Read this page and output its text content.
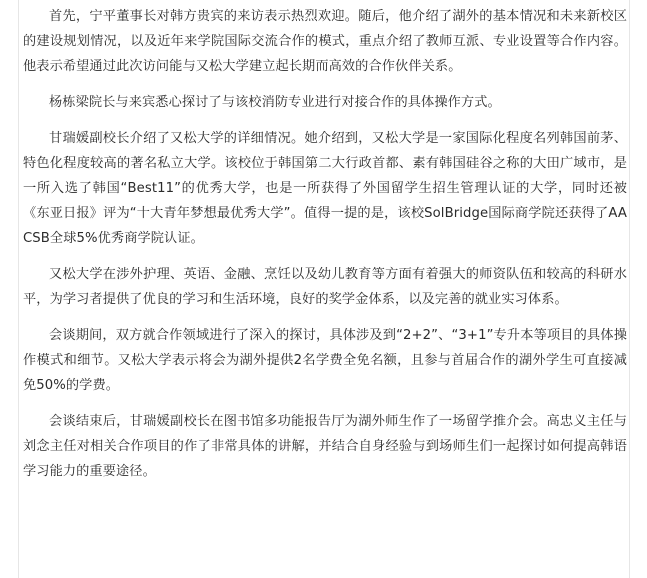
首先，宁平董事长对韩方贵宾的来访表示热烈欢迎。随后，他介绍了湖外的基本情况和未来新校区的建设规划情况，以及近年来学院国际交流合作的模式，重点介绍了教师互派、专业设置等合作内容。他表示希望通过此次访问能与又松大学建立起长期而高效的合作伙伴关系。

杨栋梁院长与来宾悉心探讨了与该校消防专业进行对接合作的具体操作方式。

甘瑞媛副校长介绍了又松大学的详细情况。她介绍到，又松大学是一家国际化程度名列韩国前茅、特色化程度较高的著名私立大学。该校位于韩国第二大行政首都、素有韩国硅谷之称的大田广域市，是一所入选了韩国“Best11”的优秀大学，也是一所获得了外国留学生招生管理认证的大学，同时还被《东亚日报》评为“十大青年梦想最优秀大学”。值得一提的是，该校SolBridge国际商学院还获得了AACSB全球5%优秀商学院认证。

又松大学在涉外护理、英语、金融、烹饪以及幼儿教育等方面有着强大的师资队伍和较高的科研水平，为学习者提供了优良的学习和生活环境，良好的奖学金体系，以及完善的就业实习体系。

会谈期间，双方就合作领域进行了深入的探讨，具体涉及到“2+2”、“3+1”专升本等项目的具体操作模式和细节。又松大学表示将会为湖外提供2名学费全免名额，且参与首届合作的湖外学生可直接减免50%的学费。

会谈结束后，甘瑞媛副校长在图书馆多功能报告厅为湖外师生作了一场留学推介会。高忠义主任与刘念主任对相关合作项目的作了非常具体的讲解，并结合自身经验与到场师生们一起探讨如何提高韩语学习能力的重要途径。
